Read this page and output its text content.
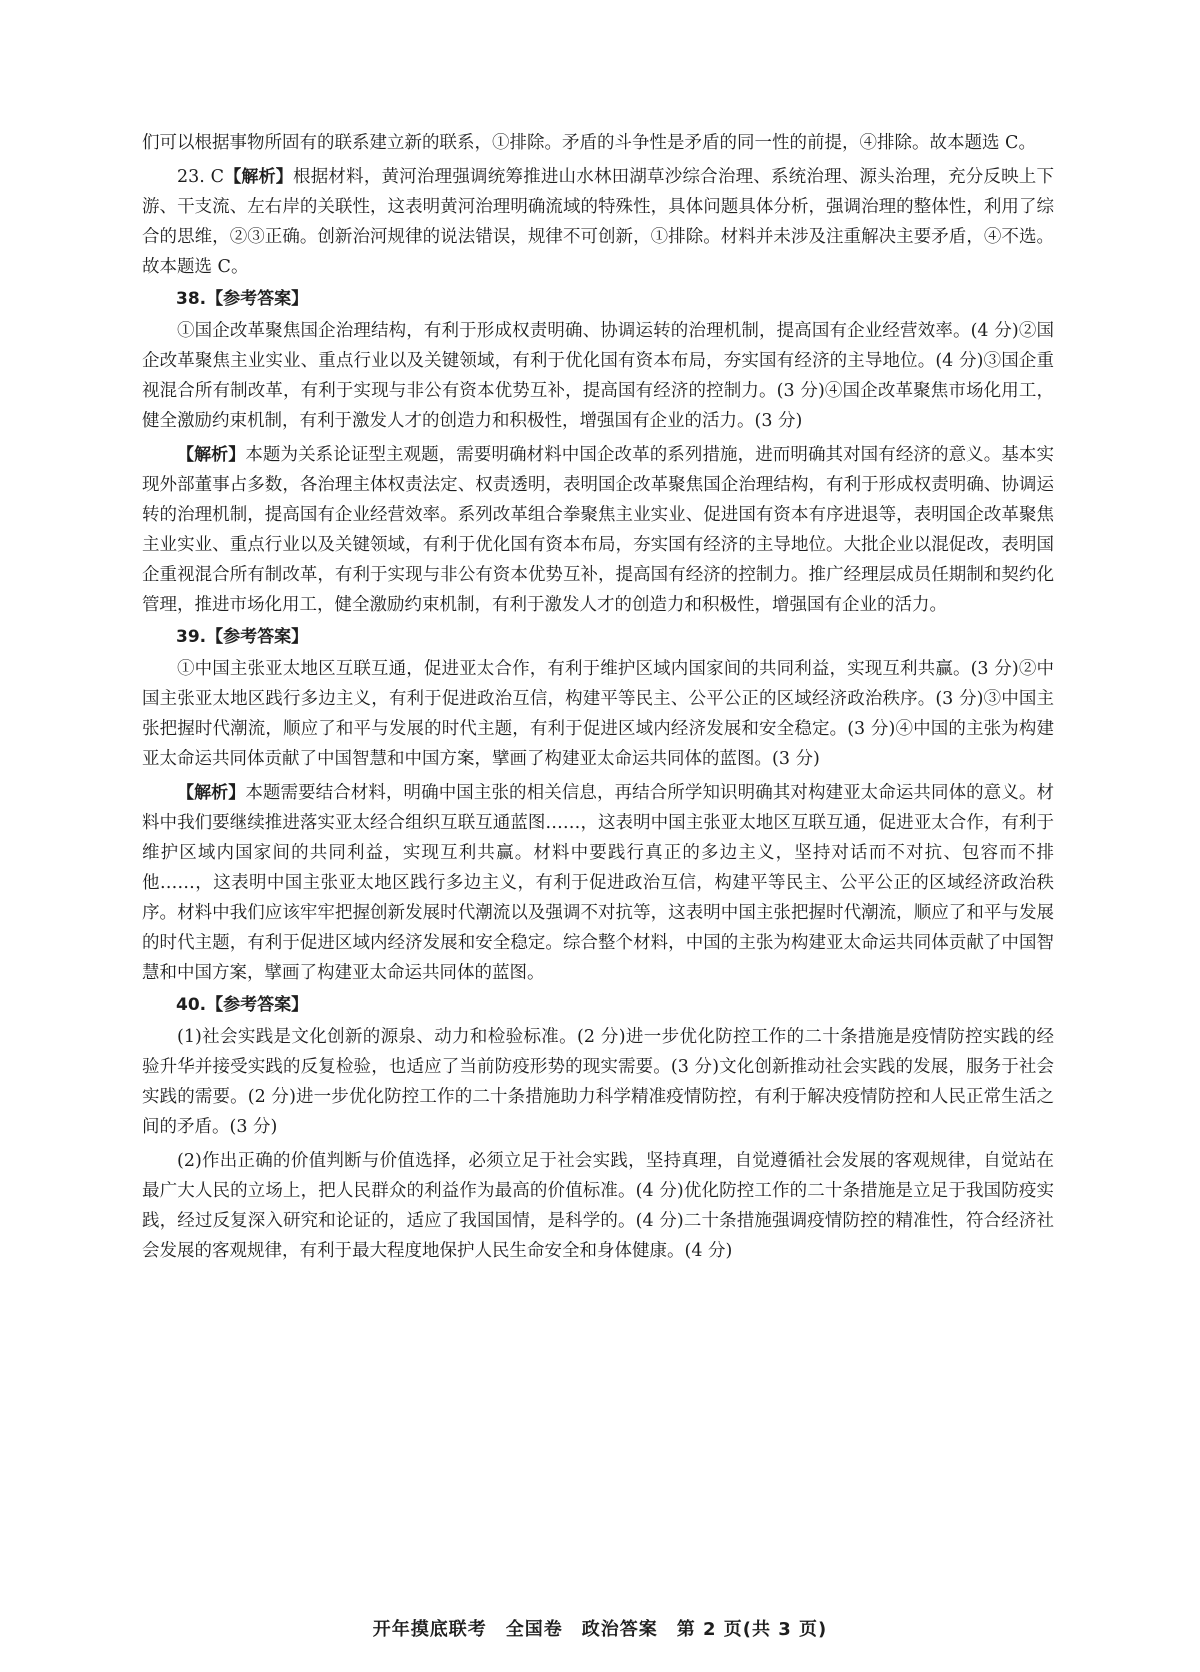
们可以根据事物所固有的联系建立新的联系，①排除。矛盾的斗争性是矛盾的同一性的前提，④排除。故本题选 C。

23. C【解析】根据材料，黄河治理强调统筹推进山水林田湖草沙综合治理、系统治理、源头治理，充分反映上下游、干支流、左右岸的关联性，这表明黄河治理明确流域的特殊性，具体问题具体分析，强调治理的整体性，利用了综合的思维，②③正确。创新治河规律的说法错误，规律不可创新，①排除。材料并未涉及注重解决主要矛盾，④不选。故本题选 C。

38.【参考答案】

①国企改革聚焦国企治理结构，有利于形成权责明确、协调运转的治理机制，提高国有企业经营效率。(4 分)②国企改革聚焦主业实业、重点行业以及关键领域，有利于优化国有资本布局，夯实国有经济的主导地位。(4 分)③国企重视混合所有制改革，有利于实现与非公有资本优势互补，提高国有经济的控制力。(3 分)④国企改革聚焦市场化用工，健全激励约束机制，有利于激发人才的创造力和积极性，增强国有企业的活力。(3 分)

【解析】本题为关系论证型主观题，需要明确材料中国企改革的系列措施，进而明确其对国有经济的意义。基本实现外部董事占多数，各治理主体权责法定、权责透明，表明国企改革聚焦国企治理结构，有利于形成权责明确、协调运转的治理机制，提高国有企业经营效率。系列改革组合拳聚焦主业实业、促进国有资本有序进退等，表明国企改革聚焦主业实业、重点行业以及关键领域，有利于优化国有资本布局，夯实国有经济的主导地位。大批企业以混促改，表明国企重视混合所有制改革，有利于实现与非公有资本优势互补，提高国有经济的控制力。推广经理层成员任期制和契约化管理，推进市场化用工，健全激励约束机制，有利于激发人才的创造力和积极性，增强国有企业的活力。

39.【参考答案】

①中国主张亚太地区互联互通，促进亚太合作，有利于维护区域内国家间的共同利益，实现互利共赢。(3 分)②中国主张亚太地区践行多边主义，有利于促进政治互信，构建平等民主、公平公正的区域经济政治秩序。(3 分)③中国主张把握时代潮流，顺应了和平与发展的时代主题，有利于促进区域内经济发展和安全稳定。(3 分)④中国的主张为构建亚太命运共同体贡献了中国智慧和中国方案，擘画了构建亚太命运共同体的蓝图。(3 分)

【解析】本题需要结合材料，明确中国主张的相关信息，再结合所学知识明确其对构建亚太命运共同体的意义。材料中我们要继续推进落实亚太经合组织互联互通蓝图……，这表明中国主张亚太地区互联互通，促进亚太合作，有利于维护区域内国家间的共同利益，实现互利共赢。材料中要践行真正的多边主义，坚持对话而不对抗、包容而不排他……，这表明中国主张亚太地区践行多边主义，有利于促进政治互信，构建平等民主、公平公正的区域经济政治秩序。材料中我们应该牢牢把握创新发展时代潮流以及强调不对抗等，这表明中国主张把握时代潮流，顺应了和平与发展的时代主题，有利于促进区域内经济发展和安全稳定。综合整个材料，中国的主张为构建亚太命运共同体贡献了中国智慧和中国方案，擘画了构建亚太命运共同体的蓝图。

40.【参考答案】

(1)社会实践是文化创新的源泉、动力和检验标准。(2 分)进一步优化防控工作的二十条措施是疫情防控实践的经验升华并接受实践的反复检验，也适应了当前防疫形势的现实需要。(3 分)文化创新推动社会实践的发展，服务于社会实践的需要。(2 分)进一步优化防控工作的二十条措施助力科学精准疫情防控，有利于解决疫情防控和人民正常生活之间的矛盾。(3 分)

(2)作出正确的价值判断与价值选择，必须立足于社会实践，坚持真理，自觉遵循社会发展的客观规律，自觉站在最广大人民的立场上，把人民群众的利益作为最高的价值标准。(4 分)优化防控工作的二十条措施是立足于我国防疫实践，经过反复深入研究和论证的，适应了我国国情，是科学的。(4 分)二十条措施强调疫情防控的精准性，符合经济社会发展的客观规律，有利于最大程度地保护人民生命安全和身体健康。(4 分)

开年摸底联考　全国卷　政治答案　第 2 页(共 3 页)
